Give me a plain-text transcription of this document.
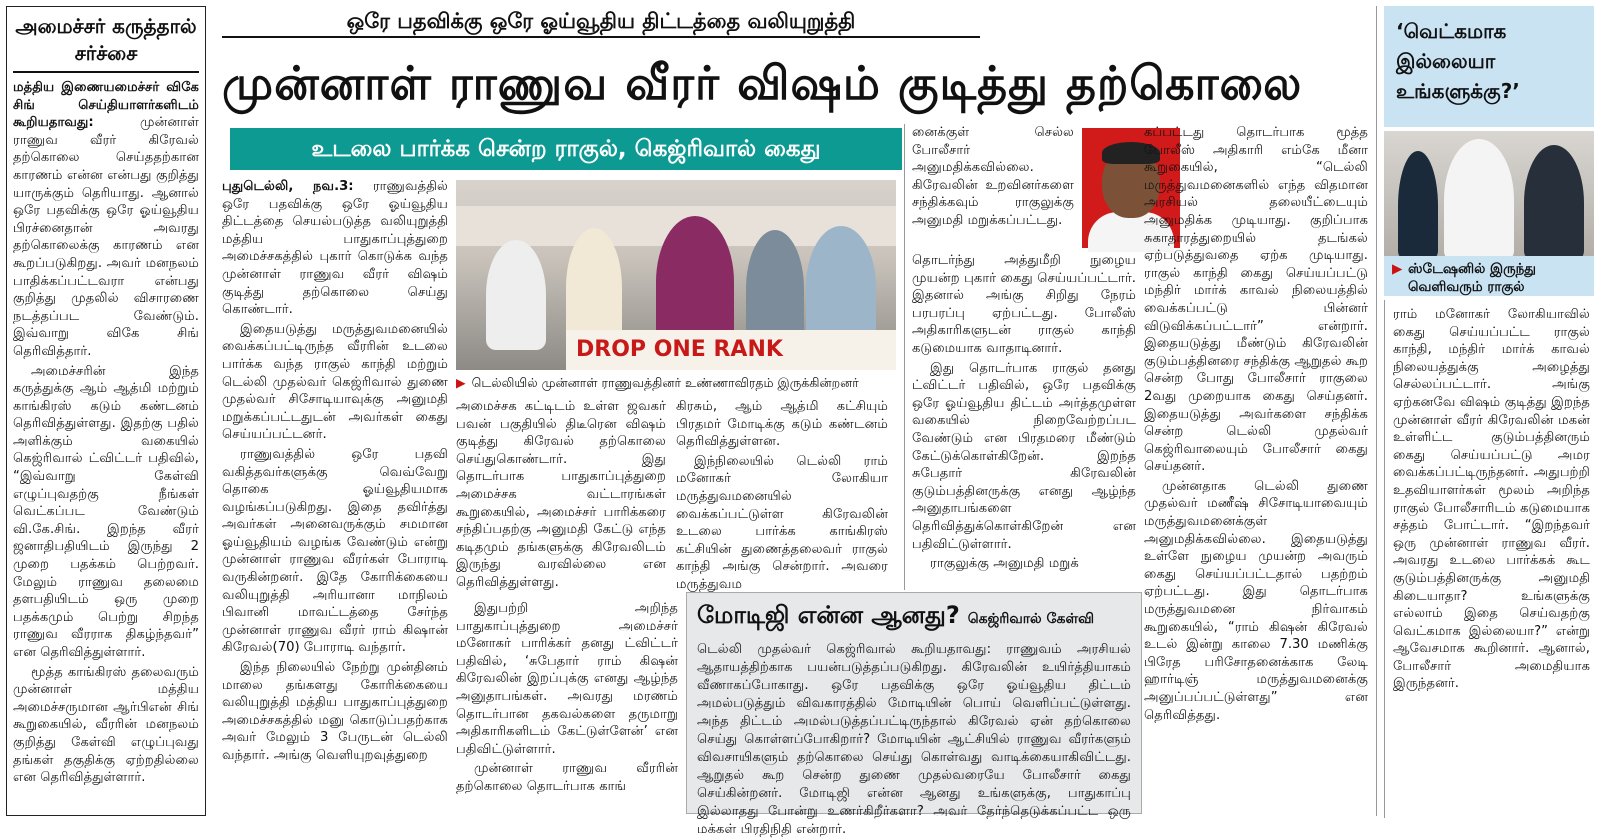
அமைச்சர் கருத்தால் சர்ச்சை

மத்திய இணையமைச்சர் விகே சிங் செய்தியாளர்களிடம் கூறியதாவது:	முன்னாள் ராணுவ வீரர் கிரேவல் தற்கொலை செய்ததற்கான காரணம் என்ன என்பது குறித்து யாருக்கும் தெரியாது. ஆனால் ஒரே பதவிக்கு ஒரே ஓய்வூதிய பிரச்னைதான் அவரது தற்கொலைக்கு காரணம் என கூறப்படுகிறது. அவர் மனநலம் பாதிக்கப்பட்டவரா என்பது குறித்து முதலில் விசாரணை நடத்தப்பட வேண்டும். இவ்வாறு விகே சிங் தெரிவித்தார்.

அமைச்சரின் இந்த கருத்துக்கு ஆம் ஆத்மி மற்றும் காங்கிரஸ் கடும் கண்டனம் தெரிவித்துள்ளது. இதற்கு பதில் அளிக்கும் வகையில் கெஜ்ரிவால் ட்விட்டர் பதிவில், “இவ்வாறு கேள்வி எழுப்புவதற்கு நீங்கள் வெட்கப்பட வேண்டும் வி.கே.சிங். இறந்த வீரர் ஜனாதிபதியிடம் இருந்து 2 முறை பதக்கம் பெற்றவர். மேலும் ராணுவ தலைமை தளபதியிடம் ஒரு முறை பதக்கமும் பெற்று சிறந்த ராணுவ வீரராக திகழ்ந்தவர்” என தெரிவித்துள்ளார்.

மூத்த காங்கிரஸ் தலைவரும் முன்னாள் மத்திய அமைச்சருமான ஆர்பிஎன் சிங் கூறுகையில், வீரரின் மனநலம் குறித்து கேள்வி எழுப்புவது தங்கள் தகுதிக்கு ஏற்றதில்லை என தெரிவித்துள்ளார்.

ஒரே பதவிக்கு ஒரே ஓய்வூதிய திட்டத்தை வலியுறுத்தி
முன்னாள் ராணுவ வீரர் விஷம் குடித்து தற்கொலை
உடலை பார்க்க சென்ற ராகுல், கெஜ்ரிவால் கைது

புதுடெல்லி, நவ.3: ராணுவத்தில் ஒரே பதவிக்கு ஒரே ஓய்வூதிய திட்டத்தை செயல்படுத்த வலியுறுத்தி மத்திய பாதுகாப்புத்துறை அமைச்சகத்தில் புகார் கொடுக்க வந்த முன்னாள் ராணுவ வீரர் விஷம் குடித்து தற்கொலை செய்து கொண்டார்.

இதையடுத்து மருத்துவமனையில் வைக்கப்பட்டிருந்த வீரரின் உடலை பார்க்க வந்த ராகுல் காந்தி மற்றும் டெல்லி முதல்வர் கெஜ்ரிவால் துணை முதல்வர் சிசோடியாவுக்கு அனுமதி மறுக்கப்பட்டதுடன் அவர்கள் கைது செய்யப்பட்டனர்.

ராணுவத்தில் ஒரே பதவி வகித்தவர்களுக்கு வெவ்வேறு தொகை ஓய்வூதியமாக வழங்கப்படுகிறது. இதை தவிர்த்து அவர்கள் அனைவருக்கும் சமமான ஓய்வூதியம் வழங்க வேண்டும் என்று முன்னாள் ராணுவ வீரர்கள் போராடி வருகின்றனர். இதே கோரிக்கையை வலியுறுத்தி அரியானா மாநிலம் பிவானி மாவட்டத்தை சேர்ந்த முன்னாள் ராணுவ வீரர் ராம் கிஷான் கிரேவல்(70) போராடி வந்தார்.

இந்த நிலையில் நேற்று முன்தினம் மாலை தங்களது கோரிக்கையை வலியுறுத்தி மத்திய பாதுகாப்புத்துறை அமைச்சகத்தில் மனு கொடுப்பதற்காக அவர் மேலும் 3 பேருடன் டெல்லி வந்தார். அங்கு வெளியுறவுத்துறை

DROP ONE RANK
▶ டெல்லியில் முன்னாள் ராணுவத்தினர் உண்ணாவிரதம் இருக்கின்றனர்

அமைச்சக கட்டிடம் உள்ள ஜவகர் பவன் பகுதியில் திடீரென விஷம் குடித்து கிரேவல் தற்கொலை செய்துகொண்டார். இது தொடர்பாக பாதுகாப்புத்துறை அமைச்சக வட்டாரங்கள் கூறுகையில், அமைச்சர் பாரிக்கரை சந்திப்பதற்கு அனுமதி கேட்டு எந்த கடிதமும் தங்களுக்கு கிரேவலிடம் இருந்து வரவில்லை என தெரிவித்துள்ளது.

இதுபற்றி அறிந்த பாதுகாப்புத்துறை அமைச்சர் மனோகர் பாரிக்கர் தனது ட்விட்டர் பதிவில், ‘சுபேதார் ராம் கிஷன் கிரேவலின் இறப்புக்கு எனது ஆழ்ந்த அனுதாபங்கள். அவரது மரணம் தொடர்பான தகவல்களை தருமாறு அதிகாரிகளிடம் கேட்டுள்ளேன்’ என பதிவிட்டுள்ளார்.

முன்னாள் ராணுவ வீரரின் தற்கொலை தொடர்பாக காங்

கிரசும், ஆம் ஆத்மி கட்சியும் பிரதமர் மோடிக்கு கடும் கண்டனம் தெரிவித்துள்ளன.

இந்நிலையில் டெல்லி ராம் மனோகர் லோகியா மருத்துவமனையில் வைக்கப்பட்டுள்ள கிரேவலின் உடலை பார்க்க காங்கிரஸ் கட்சியின் துணைத்தலைவர் ராகுல் காந்தி அங்கு சென்றார். அவரை மருத்துவம

னைக்குள் செல்ல போலீசார் அனுமதிக்கவில்லை. கிரேவலின் உறவினர்களை சந்திக்கவும் ராகுலுக்கு அனுமதி மறுக்கப்பட்டது.

தொடர்ந்து அத்துமீறி நுழைய முயன்ற புகார் கைது செய்யப்பட்டார். இதனால் அங்கு சிறிது நேரம் பரபரப்பு ஏற்பட்டது. போலீஸ் அதிகாரிகளுடன் ராகுல் காந்தி கடுமையாக வாதாடினார்.

இது தொடர்பாக ராகுல் தனது ட்விட்டர் பதிவில், ஒரே பதவிக்கு ஒரே ஓய்வூதிய திட்டம் அர்த்தமுள்ள வகையில் நிறைவேற்றப்பட வேண்டும் என பிரதமரை மீண்டும் கேட்டுக்கொள்கிறேன். இறந்த சுபேதார் கிரேவலின் குடும்பத்தினருக்கு எனது ஆழ்ந்த அனுதாபங்களை தெரிவித்துக்கொள்கிறேன் என பதிவிட்டுள்ளார்.

ராகுலுக்கு அனுமதி மறுக்

கப்பட்டது தொடர்பாக மூத்த போலீஸ் அதிகாரி எம்கே மீனா கூறுகையில், “டெல்லி மருத்துவமனைகளில் எந்த விதமான அரசியல் தலையீட்டையும் அனுமதிக்க முடியாது. குறிப்பாக சுகாதாரத்துறையில் தடங்கல் ஏற்படுத்துவதை ஏற்க முடியாது. ராகுல் காந்தி கைது செய்யப்பட்டு மந்திர் மார்க் காவல் நிலையத்தில் வைக்கப்பட்டு பின்னர் விடுவிக்கப்பட்டார்” என்றார். இதையடுத்து மீண்டும் கிரேவலின் குடும்பத்தினரை சந்திக்கு ஆறுதல் கூற சென்ற போது போலீசார் ராகுலை 2வது முறையாக கைது செய்தனர். இதையடுத்து அவர்களை சந்திக்க சென்ற டெல்லி முதல்வர் கெஜ்ரிவாலையும் போலீசார் கைது செய்தனர்.

முன்னதாக டெல்லி துணை முதல்வர் மணீஷ் சிசோடியாவையும் மருத்துவமனைக்குள் அனுமதிக்கவில்லை. இதையடுத்து உள்ளே நுழைய முயன்ற அவரும் கைது செய்யப்பட்டதால் பதற்றம் ஏற்பட்டது. இது தொடர்பாக மருத்துவமனை நிர்வாகம் கூறுகையில், “ராம் கிஷன் கிரேவல் உடல் இன்று காலை 7.30 மணிக்கு பிரேத பரிசோதனைக்காக லேடி ஹார்டிஞ் மருத்துவமனைக்கு அனுப்பப்பட்டுள்ளது” என தெரிவித்தது.

மோடிஜி என்ன ஆனது? கெஜ்ரிவால் கேள்வி

டெல்லி முதல்வர் கெஜ்ரிவால் கூறியதாவது: ராணுவம் அரசியல் ஆதாயத்திற்காக பயன்படுத்தப்படுகிறது. கிரேவலின் உயிர்த்தியாகம் வீணாகப்போகாது. ஒரே பதவிக்கு ஒரே ஓய்வூதிய திட்டம் அமல்படுத்தும் விவகாரத்தில் மோடியின் பொய் வெளிப்பட்டுள்ளது. அந்த திட்டம் அமல்படுத்தப்பட்டிருந்தால் கிரேவல் ஏன் தற்கொலை செய்து கொள்ளப்போகிறார்? மோடியின் ஆட்சியில் ராணுவ வீரர்களும் விவசாயிகளும் தற்கொலை செய்து கொள்வது வாடிக்கையாகிவிட்டது. ஆறுதல் கூற சென்ற துணை முதல்வரையே போலீசார் கைது செய்கின்றனர். மோடிஜி என்ன ஆனது உங்களுக்கு, பாதுகாப்பு இல்லாதது போன்று உணர்கிறீர்களா? அவர் தேர்ந்தெடுக்கப்பட்ட ஒரு மக்கள் பிரதிநிதி என்றார்.

‘வெட்கமாக இல்லையா உங்களுக்கு?’
▶ ஸ்டேஷனில் இருந்து வெளிவரும் ராகுல்

ராம் மனோகர் லோகியாவில் கைது செய்யப்பட்ட ராகுல் காந்தி, மந்திர் மார்க் காவல் நிலையத்துக்கு அழைத்து செல்லப்பட்டார். அங்கு ஏற்கனவே விஷம் குடித்து இறந்த முன்னாள் வீரர் கிரேவலின் மகன் உள்ளிட்ட குடும்பத்தினரும் கைது செய்யப்பட்டு அமர வைக்கப்பட்டிருந்தனர். அதுபற்றி உதவியாளர்கள் மூலம் அறிந்த ராகுல் போலீசாரிடம் கடுமையாக சத்தம் போட்டார். “இறந்தவர் ஒரு முன்னாள் ராணுவ வீரர். அவரது உடலை பார்க்கக் கூட குடும்பத்தினருக்கு அனுமதி கிடையாதா? உங்களுக்கு எல்லாம் இதை செய்வதற்கு வெட்கமாக இல்லையா?” என்று ஆவேசமாக கூறினார். ஆனால், போலீசார் அமைதியாக இருந்தனர்.
